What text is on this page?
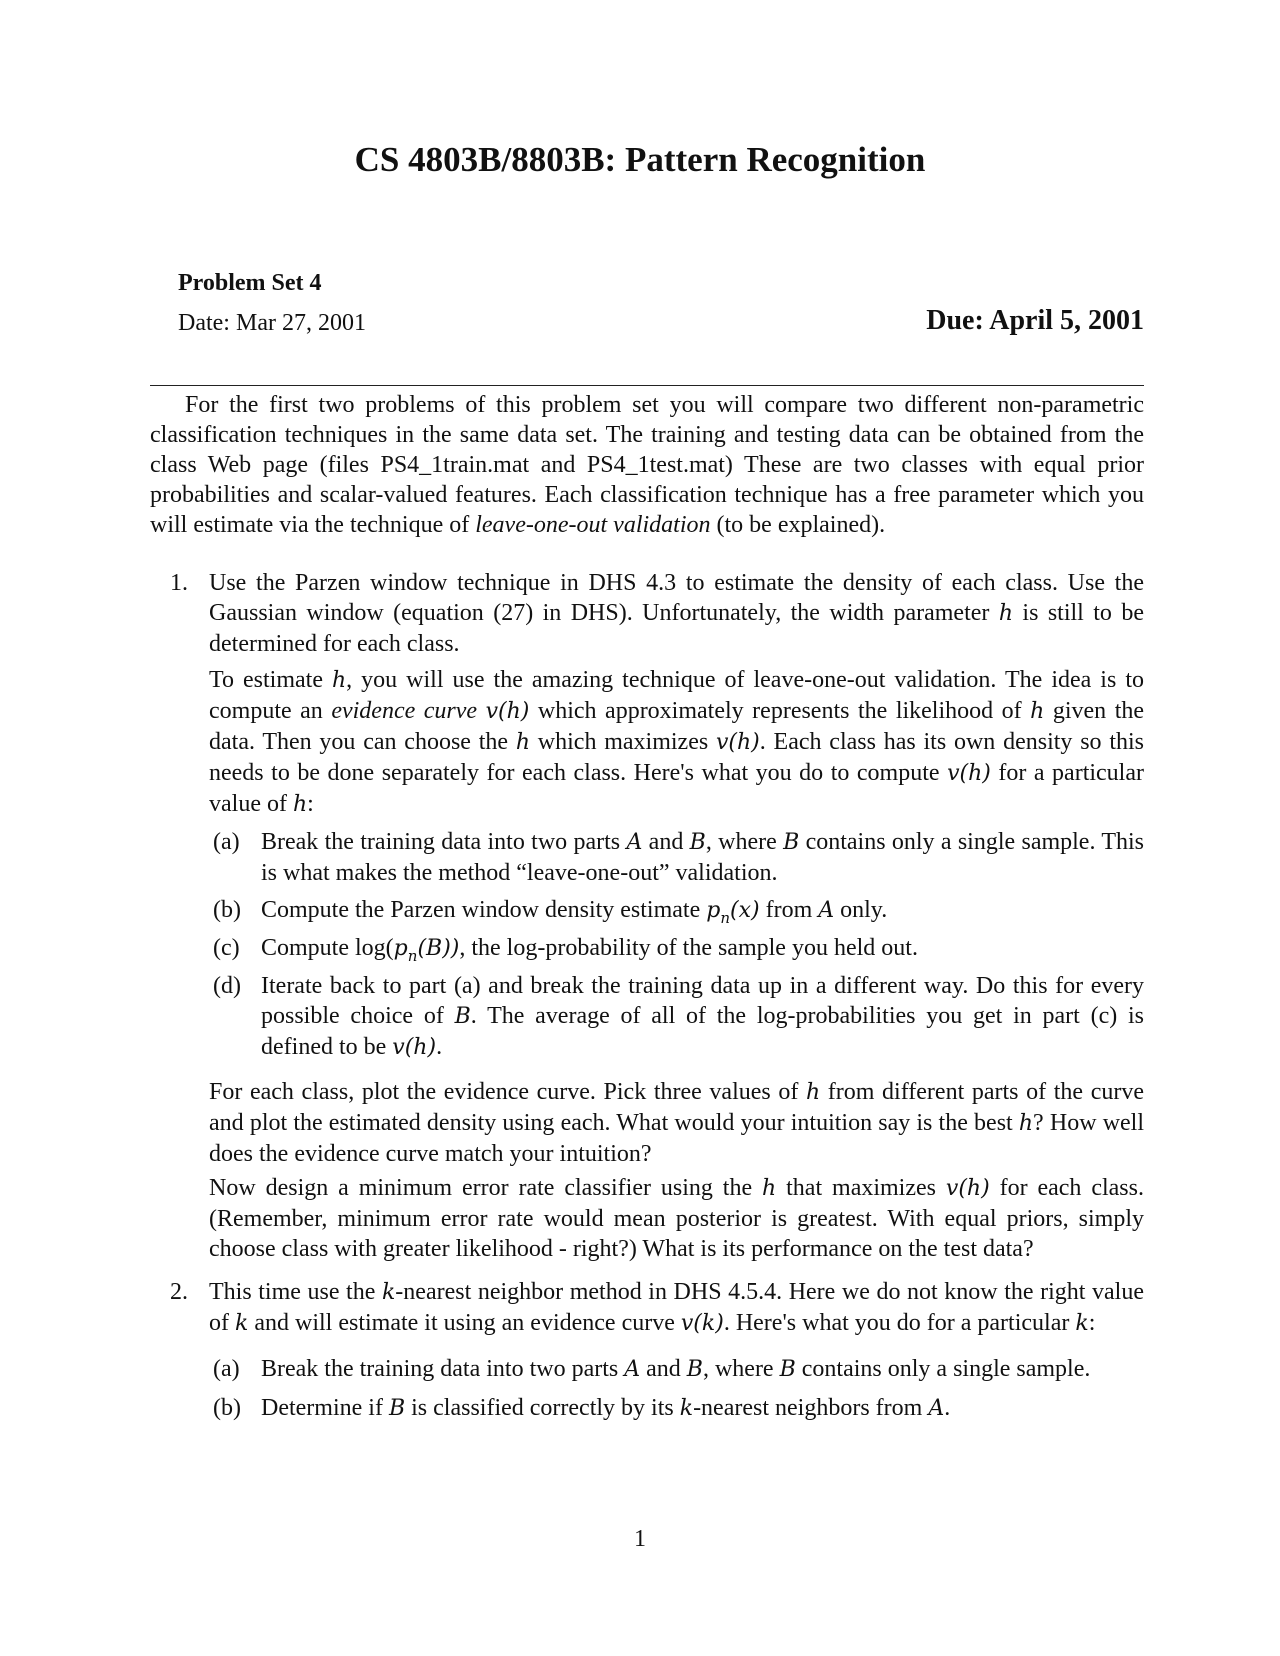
CS 4803B/8803B: Pattern Recognition
Problem Set 4
Date: Mar 27, 2001	Due: April 5, 2001
For the first two problems of this problem set you will compare two different non-parametric classification techniques in the same data set. The training and testing data can be obtained from the class Web page (files PS4_1train.mat and PS4_1test.mat) These are two classes with equal prior probabilities and scalar-valued features. Each classification technique has a free parameter which you will estimate via the technique of leave-one-out validation (to be explained).
1. Use the Parzen window technique in DHS 4.3 to estimate the density of each class. Use the Gaussian window (equation (27) in DHS). Unfortunately, the width parameter h is still to be determined for each class.
To estimate h, you will use the amazing technique of leave-one-out validation. The idea is to compute an evidence curve v(h) which approximately represents the likelihood of h given the data. Then you can choose the h which maximizes v(h). Each class has its own density so this needs to be done separately for each class. Here's what you do to compute v(h) for a particular value of h:
(a) Break the training data into two parts A and B, where B contains only a single sample. This is what makes the method “leave-one-out” validation.
(b) Compute the Parzen window density estimate $p_n(x)$ from A only.
(c) Compute $\log(p_n(B))$, the log-probability of the sample you held out.
(d) Iterate back to part (a) and break the training data up in a different way. Do this for every possible choice of B. The average of all of the log-probabilities you get in part (c) is defined to be v(h).
For each class, plot the evidence curve. Pick three values of h from different parts of the curve and plot the estimated density using each. What would your intuition say is the best h? How well does the evidence curve match your intuition?
Now design a minimum error rate classifier using the h that maximizes v(h) for each class. (Remember, minimum error rate would mean posterior is greatest. With equal priors, simply choose class with greater likelihood - right?) What is its performance on the test data?
2. This time use the k-nearest neighbor method in DHS 4.5.4. Here we do not know the right value of k and will estimate it using an evidence curve v(k). Here's what you do for a particular k:
(a) Break the training data into two parts A and B, where B contains only a single sample.
(b) Determine if B is classified correctly by its k-nearest neighbors from A.
1
